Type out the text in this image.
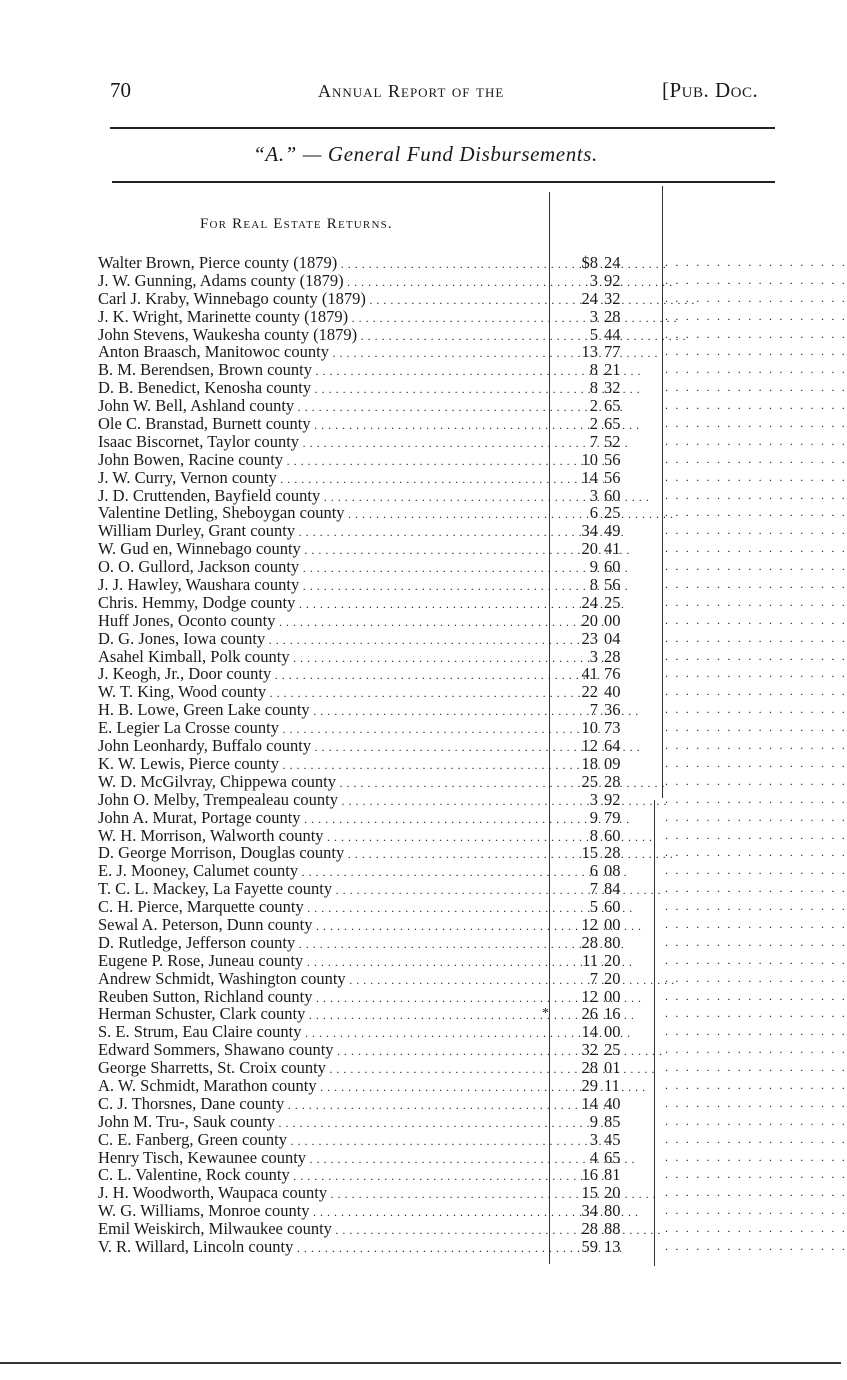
70	Annual Report of the	[Pub. Doc.
“A.” — General Fund Disbursements.
For Real Estate Returns.
Walter Brown, Pierce county (1879) . . .	$8 24	. . . . . . . . . . . . . . . . . .
J. W. Gunning, Adams county (1879) . . .	3 92	. . . . . . . . . . . . . . . . . .
Carl J. Kraby, Winnebago county (1879) . . .	24 32	. . . . . . . . . . . . . . . . . .
J. K. Wright, Marinette county (1879) . . .	3 28	. . . . . . . . . . . . . . . . . .
John Stevens, Waukesha county (1879) . . .	5 44	. . . . . . . . . . . . . . . . . .
Anton Braasch, Manitowoc county . . .	13 77	. . . . . . . . . . . . . . . . . .
B. M. Berendsen, Brown county . . .	8 21	. . . . . . . . . . . . . . . . . .
D. B. Benedict, Kenosha county . . .	8 32	. . . . . . . . . . . . . . . . . .
John W. Bell, Ashland county . . .	2 65	. . . . . . . . . . . . . . . . . .
Ole C. Branstad, Burnett county . . .	2 65	. . . . . . . . . . . . . . . . . .
Isaac Biscornet, Taylor county . . .	7 52	. . . . . . . . . . . . . . . . . .
John Bowen, Racine county . . .	10 56	. . . . . . . . . . . . . . . . . .
J. W. Curry, Vernon county . . .	14 56	. . . . . . . . . . . . . . . . . .
J. D. Cruttenden, Bayfield county . . .	3 60	. . . . . . . . . . . . . . . . . .
Valentine Detling, Sheboygan county . . .	6 25	. . . . . . . . . . . . . . . . . .
William Durley, Grant county . . .	34 49	. . . . . . . . . . . . . . . . . .
W. Gud en, Winnebago county . . .	20 41	. . . . . . . . . . . . . . . . . .
O. O. Gullord, Jackson county . . .	9 60	. . . . . . . . . . . . . . . . . .
J. J. Hawley, Waushara county . . .	8 56	. . . . . . . . . . . . . . . . . .
Chris. Hemmy, Dodge county . . .	24 25	. . . . . . . . . . . . . . . . . .
Huff Jones, Oconto county . . .	20 00	. . . . . . . . . . . . . . . . . .
D. G. Jones, Iowa county . . .	23 04	. . . . . . . . . . . . . . . . . .
Asahel Kimball, Polk county . . .	3 28	. . . . . . . . . . . . . . . . . .
J. Keogh, Jr., Door county . . .	41 76	. . . . . . . . . . . . . . . . . .
W. T. King, Wood county . . .	22 40	. . . . . . . . . . . . . . . . . .
H. B. Lowe, Green Lake county . . .	7 36	. . . . . . . . . . . . . . . . . .
E. Legier La Crosse county . . .	10 73	. . . . . . . . . . . . . . . . . .
John Leonhardy, Buffalo county . . .	12 64	. . . . . . . . . . . . . . . . . .
K. W. Lewis, Pierce county . . .	18 09	. . . . . . . . . . . . . . . . . .
W. D. McGilvray, Chippewa county . . .	25 28	. . . . . . . . . . . . . . . . . .
John O. Melby, Trempealeau county . . .	3 92	. . . . . . . . . . . . . . . . . .
John A. Murat, Portage county . . .	9 79	. . . . . . . . . . . . . . . . . .
W. H. Morrison, Walworth county . . .	8 60	. . . . . . . . . . . . . . . . . .
D. George Morrison, Douglas county . . .	15 28	. . . . . . . . . . . . . . . . . .
E. J. Mooney, Calumet county . . .	6 08	. . . . . . . . . . . . . . . . . .
T. C. L. Mackey, La Fayette county . . .	7 84	. . . . . . . . . . . . . . . . . .
C. H. Pierce, Marquette county . . .	5 60	. . . . . . . . . . . . . . . . . .
Sewal A. Peterson, Dunn county . . .	12 00	. . . . . . . . . . . . . . . . . .
D. Rutledge, Jefferson county . . .	28 80	. . . . . . . . . . . . . . . . . .
Eugene P. Rose, Juneau county . . .	11 20	. . . . . . . . . . . . . . . . . .
Andrew Schmidt, Washington county . . .	7 20	. . . . . . . . . . . . . . . . . .
Reuben Sutton, Richland county . . .	12 00	. . . . . . . . . . . . . . . . . .
Herman Schuster, Clark county . . .	*	26 16	. . . . . . . . . . . . . . . . . .
S. E. Strum, Eau Claire county . . .	14 00	. . . . . . . . . . . . . . . . . .
Edward Sommers, Shawano county . . .	32 25	. . . . . . . . . . . . . . . . . .
George Sharretts, St. Croix county . . .	28 01	. . . . . . . . . . . . . . . . . .
A. W. Schmidt, Marathon county . . .	29 11	. . . . . . . . . . . . . . . . . .
C. J. Thorsnes, Dane county . . .	14 40	. . . . . . . . . . . . . . . . . .
John M. Tru-, Sauk county . . .	9 85	. . . . . . . . . . . . . . . . . .
C. E. Fanberg, Green county . . .	3 45	. . . . . . . . . . . . . . . . . .
Henry Tisch, Kewaunee county . . .	4 65	. . . . . . . . . . . . . . . . . .
C. L. Valentine, Rock county . . .	16 81	. . . . . . . . . . . . . . . . . .
J. H. Woodworth, Waupaca county . . .	15 20	. . . . . . . . . . . . . . . . . .
W. G. Williams, Monroe county . . .	34 80	. . . . . . . . . . . . . . . . . .
Emil Weiskirch, Milwaukee county . . .	28 88	. . . . . . . . . . . . . . . . . .
V. R. Willard, Lincoln county . . .	59 13	. . . . . . . . . . . . . . . . . .
